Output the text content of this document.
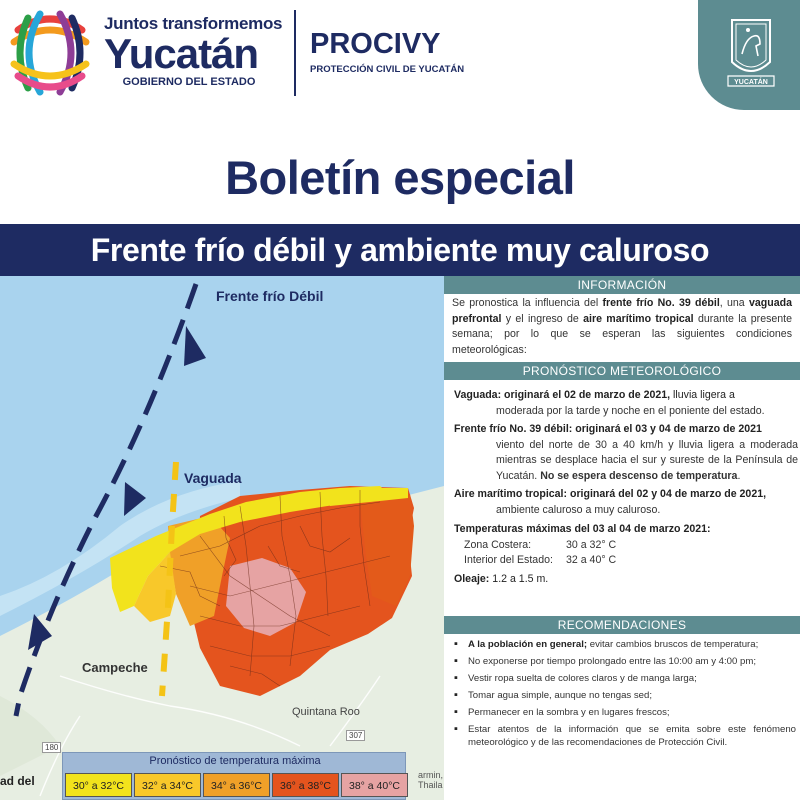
Juntos transformemos
Yucatán
GOBIERNO DEL ESTADO
PROCIVY
PROTECCIÓN CIVIL DE YUCATÁN
YUCATÁN
Boletín especial
Frente frío débil y ambiente muy caluroso
Frente frío Débil
Vaguada
Campeche
Quintana Roo
ad del
180
307
Pronóstico de temperatura máxima
30° a 32°C	32° a 34°C	34° a 36°C	36° a 38°C	38° a 40°C
armin,
Thaila
INFORMACIÓN
Se pronostica la influencia del frente frío No. 39 débil, una vaguada prefrontal y el ingreso de aire marítimo tropical durante la presente semana; por lo que se esperan las siguientes condiciones meteorológicas:
PRONÓSTICO METEOROLÓGICO
Vaguada: originará el 02 de marzo de 2021, lluvia ligera a
moderada por la tarde y noche en el poniente del estado.
Frente frío No. 39 débil: originará el 03 y 04 de marzo de 2021
viento del norte de 30 a 40 km/h y lluvia ligera a moderada mientras se desplace hacia el sur y sureste de la Península de Yucatán. No se espera descenso de temperatura.
Aire marítimo tropical: originará del 02 y 04 de marzo de 2021,
ambiente caluroso a muy caluroso.
Temperaturas máximas del 03 al 04 de marzo 2021:
Zona Costera:	30 a 32° C
Interior del Estado:	32 a 40° C
Oleaje: 1.2 a 1.5 m.
RECOMENDACIONES
▪ A la población en general; evitar cambios bruscos de temperatura;
▪ No exponerse por tiempo prolongado entre las 10:00 am y 4:00 pm;
▪ Vestir ropa suelta de colores claros y de manga larga;
▪ Tomar agua simple, aunque no tengas sed;
▪ Permanecer en la sombra y en lugares frescos;
▪ Estar atentos de la información que se emita sobre este fenómeno meteorológico y de las recomendaciones de Protección Civil.
